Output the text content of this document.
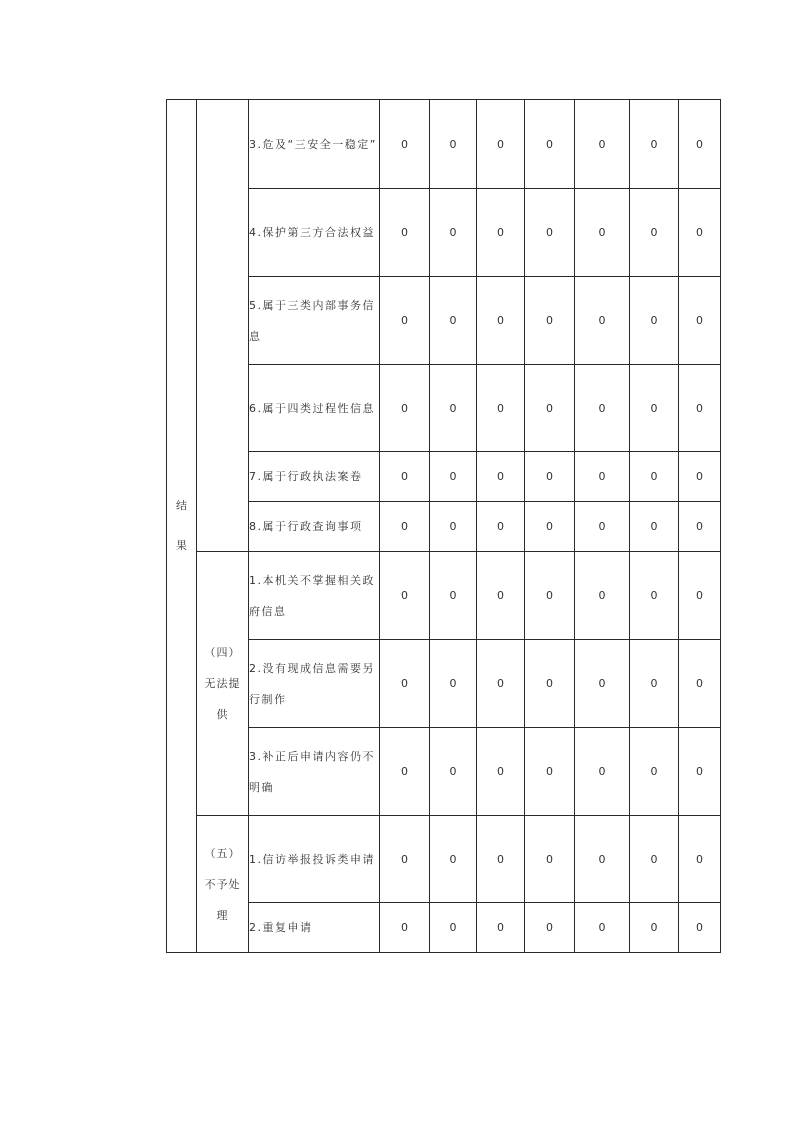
结果		3.危及“三安全一稳定”	0	0	0	0	0	0	0
		4.保护第三方合法权益	0	0	0	0	0	0	0
		5.属于三类内部事务信息	0	0	0	0	0	0	0
		6.属于四类过程性信息	0	0	0	0	0	0	0
		7.属于行政执法案卷	0	0	0	0	0	0	0
		8.属于行政查询事项	0	0	0	0	0	0	0
	（四）无法提供	1.本机关不掌握相关政府信息	0	0	0	0	0	0	0
		2.没有现成信息需要另行制作	0	0	0	0	0	0	0
		3.补正后申请内容仍不明确	0	0	0	0	0	0	0
	（五）不予处理	1.信访举报投诉类申请	0	0	0	0	0	0	0
		2.重复申请	0	0	0	0	0	0	0
